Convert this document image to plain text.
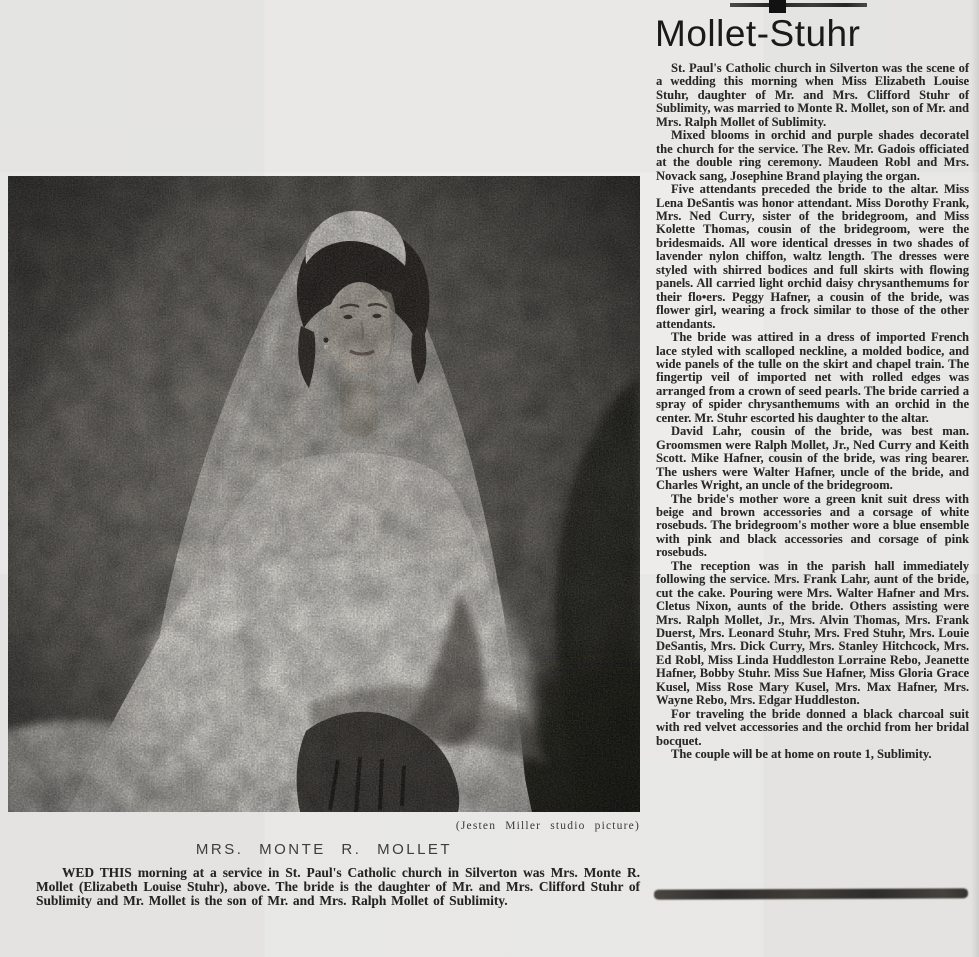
(Jesten Miller studio picture)
MRS. MONTE R. MOLLET

WED THIS morning at a service in St. Paul's Catholic church in Silverton was Mrs. Monte R. Mollet (Elizabeth Louise Stuhr), above. The bride is the daughter of Mr. and Mrs. Clifford Stuhr of Sublimity and Mr. Mollet is the son of Mr. and Mrs. Ralph Mollet of Sublimity.

Mollet-Stuhr

St. Paul's Catholic church in Silverton was the scene of a wedding this morning when Miss Elizabeth Louise Stuhr, daughter of Mr. and Mrs. Clifford Stuhr of Sublimity, was married to Monte R. Mollet, son of Mr. and Mrs. Ralph Mollet of Sublimity.

Mixed blooms in orchid and purple shades decoratel the church for the service. The Rev. Mr. Gadois officiated at the double ring ceremony. Maudeen Robl and Mrs. Novack sang, Josephine Brand playing the organ.

Five attendants preceded the bride to the altar. Miss Lena DeSantis was honor attendant. Miss Dorothy Frank, Mrs. Ned Curry, sister of the bridegroom, and Miss Kolette Thomas, cousin of the bridegroom, were the bridesmaids. All wore identical dresses in two shades of lavender nylon chiffon, waltz length. The dresses were styled with shirred bodices and full skirts with flowing panels. All carried light orchid daisy chrysanthemums for their flo•ers. Peggy Hafner, a cousin of the bride, was flower girl, wearing a frock similar to those of the other attendants.

The bride was attired in a dress of imported French lace styled with scalloped neckline, a molded bodice, and wide panels of the tulle on the skirt and chapel train. The fingertip veil of imported net with rolled edges was arranged from a crown of seed pearls. The bride carried a spray of spider chrysanthemums with an orchid in the center. Mr. Stuhr escorted his daughter to the altar.

David Lahr, cousin of the bride, was best man. Groomsmen were Ralph Mollet, Jr., Ned Curry and Keith Scott. Mike Hafner, cousin of the bride, was ring bearer. The ushers were Walter Hafner, uncle of the bride, and Charles Wright, an uncle of the bridegroom.

The bride's mother wore a green knit suit dress with beige and brown accessories and a corsage of white rosebuds. The bridegroom's mother wore a blue ensemble with pink and black accessories and corsage of pink rosebuds.

The reception was in the parish hall immediately following the service. Mrs. Frank Lahr, aunt of the bride, cut the cake. Pouring were Mrs. Walter Hafner and Mrs. Cletus Nixon, aunts of the bride. Others assisting were Mrs. Ralph Mollet, Jr., Mrs. Alvin Thomas, Mrs. Frank Duerst, Mrs. Leonard Stuhr, Mrs. Fred Stuhr, Mrs. Louie DeSantis, Mrs. Dick Curry, Mrs. Stanley Hitchcock, Mrs. Ed Robl, Miss Linda Huddleston Lorraine Rebo, Jeanette Hafner, Bobby Stuhr. Miss Sue Hafner, Miss Gloria Grace Kusel, Miss Rose Mary Kusel, Mrs. Max Hafner, Mrs. Wayne Rebo, Mrs. Edgar Huddleston.

For traveling the bride donned a black charcoal suit with red velvet accessories and the orchid from her bridal bocquet.

The couple will be at home on route 1, Sublimity.
